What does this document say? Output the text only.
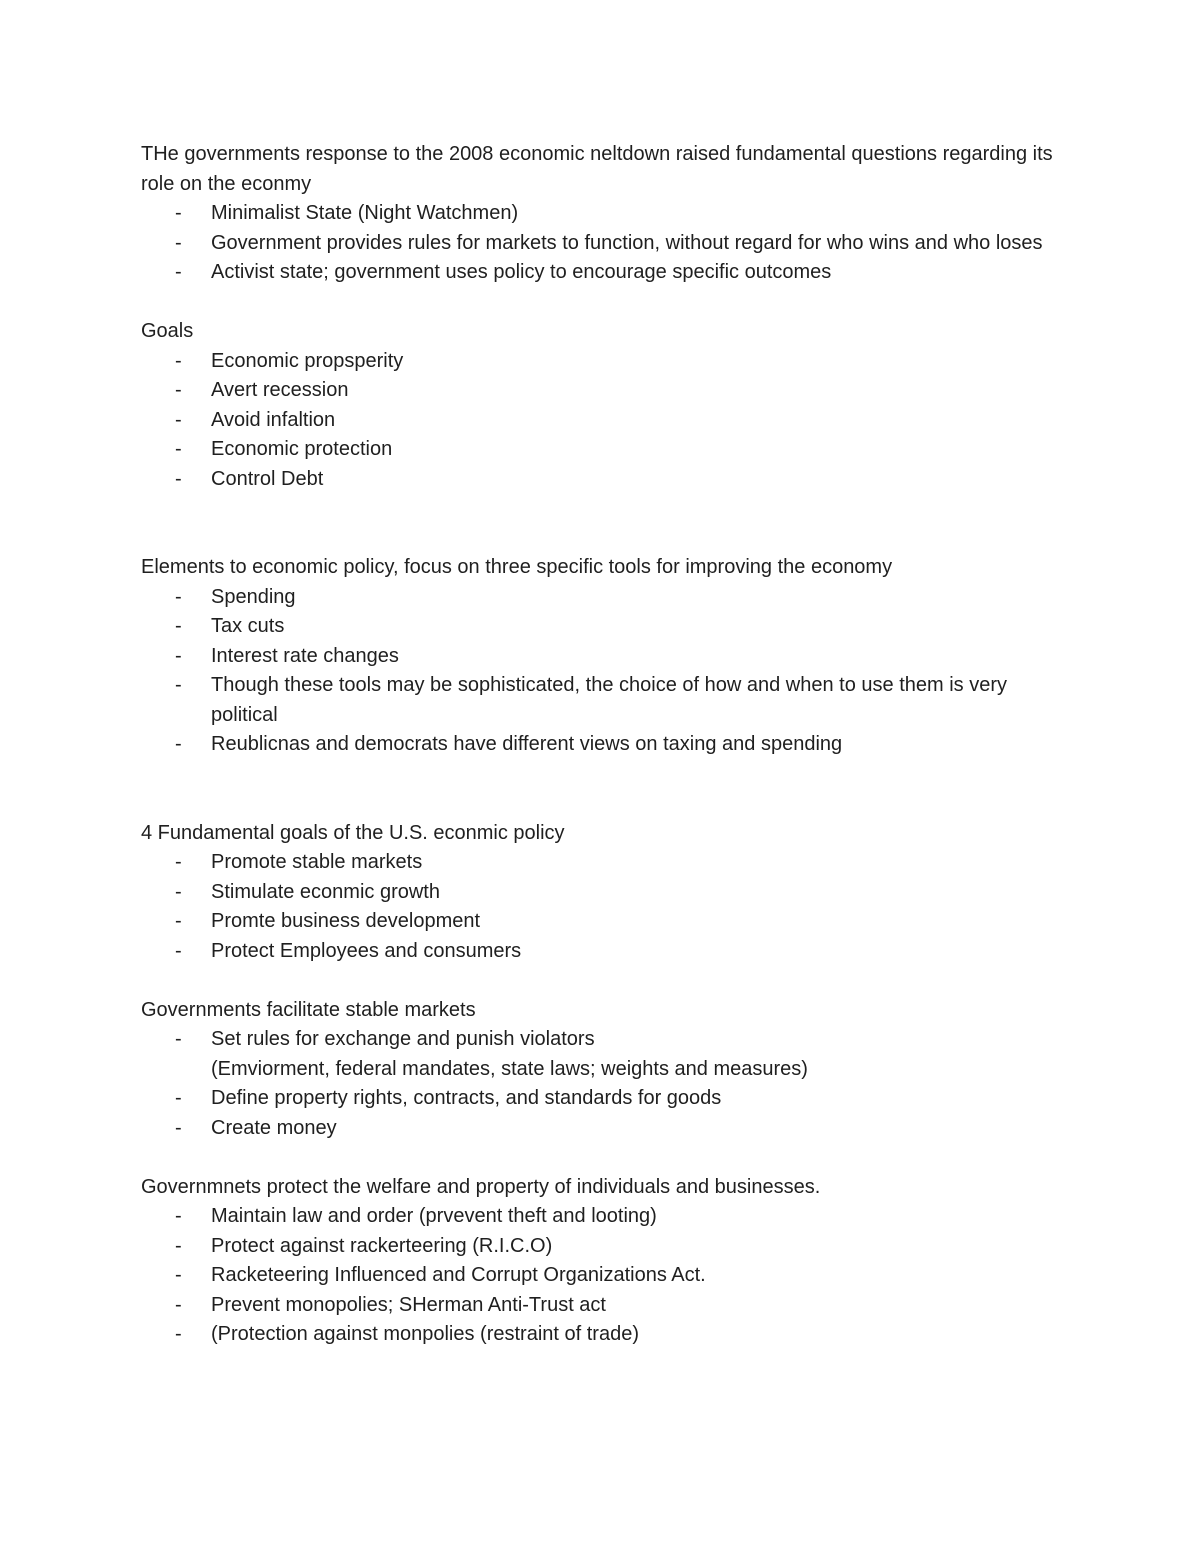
THe governments response to the 2008 economic neltdown raised fundamental questions regarding its role on the econmy

- Minimalist State (Night Watchmen)
- Government provides rules for markets to function, without regard for who wins and who loses
- Activist state; government uses policy to encourage specific outcomes

Goals

- Economic propsperity
- Avert recession
- Avoid infaltion
- Economic protection
- Control Debt

Elements to economic policy, focus on three specific tools for improving the economy

- Spending
- Tax cuts
- Interest rate changes
- Though these tools may be sophisticated, the choice of how and when to use them is very political
- Reublicnas and democrats have different views on taxing and spending

4 Fundamental goals of the U.S. econmic policy

- Promote stable markets
- Stimulate econmic growth
- Promte business development
- Protect Employees and consumers

Governments facilitate stable markets

- Set rules for exchange and punish violators
(Emviorment, federal mandates, state laws; weights and measures)
- Define property rights, contracts, and standards for goods
- Create money

Governmnets protect the welfare and property of individuals and businesses.

- Maintain law and order (prvevent theft and looting)
- Protect against rackerteering (R.I.C.O)
- Racketeering Influenced and Corrupt Organizations Act.
- Prevent monopolies; SHerman Anti-Trust act
- (Protection against monpolies (restraint of trade)
